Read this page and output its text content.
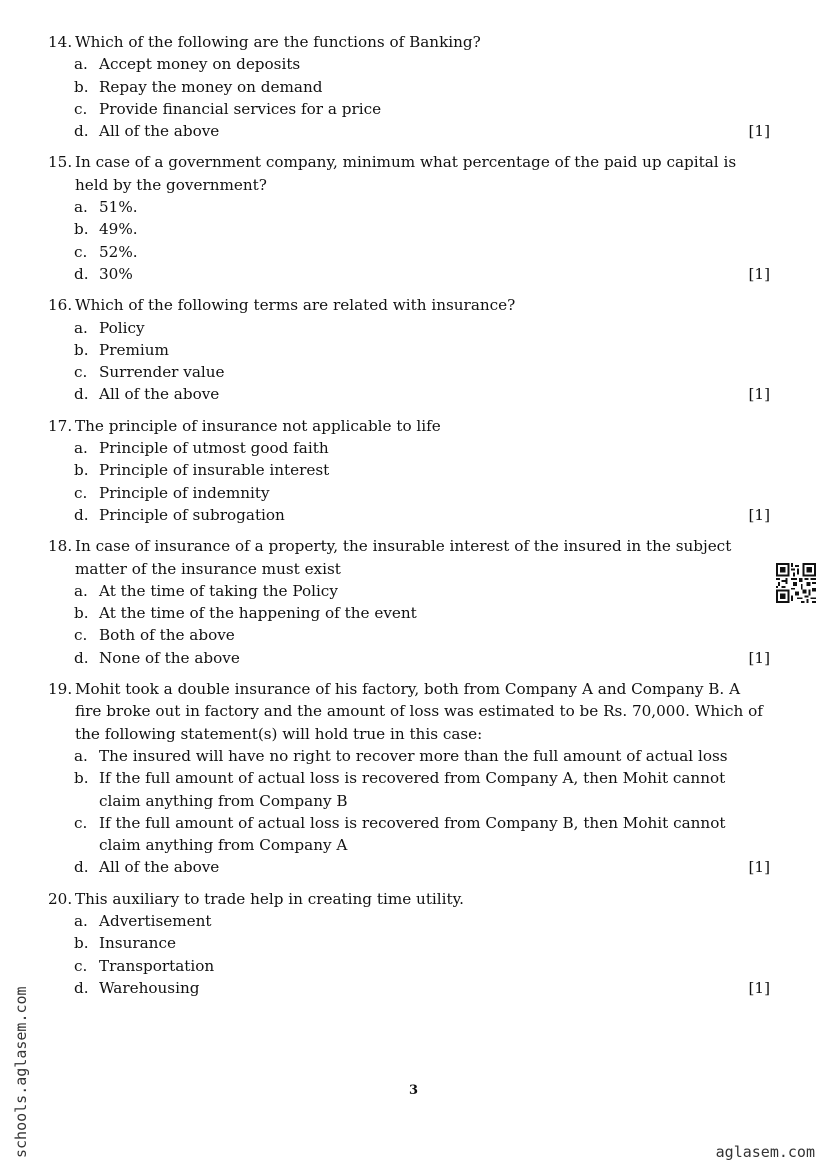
14. Which of the following are the functions of Banking?
a. Accept money on deposits
b. Repay the money on demand
c. Provide financial services for a price
d. All of the above	[1]
15. In case of a government company, minimum what percentage of the paid up capital is held by the government?
a. 51%.
b. 49%.
c. 52%.
d. 30%	[1]
16. Which of the following terms are related with insurance?
a. Policy
b. Premium
c. Surrender value
d. All of the above	[1]
17. The principle of insurance not applicable to life
a. Principle of utmost good faith
b. Principle of insurable interest
c. Principle of indemnity
d. Principle of subrogation	[1]
18. In case of insurance of a property, the insurable interest of the insured in the subject matter of the insurance must exist
a. At the time of taking the Policy
b. At the time of the happening of the event
c. Both of the above
d. None of the above	[1]
19. Mohit took a double insurance of his factory, both from Company A and Company B. A fire broke out in factory and the amount of loss was estimated to be Rs. 70,000. Which of the following statement(s) will hold true in this case:
a. The insured will have no right to recover more than the full amount of actual loss
b. If the full amount of actual loss is recovered from Company A, then Mohit cannot claim anything from Company B
c. If the full amount of actual loss is recovered from Company B, then Mohit cannot claim anything from Company A
d. All of the above	[1]
20. This auxiliary to trade help in creating time utility.
a. Advertisement
b. Insurance
c. Transportation
d. Warehousing	[1]
3
schools.aglasem.com	aglasem.com
